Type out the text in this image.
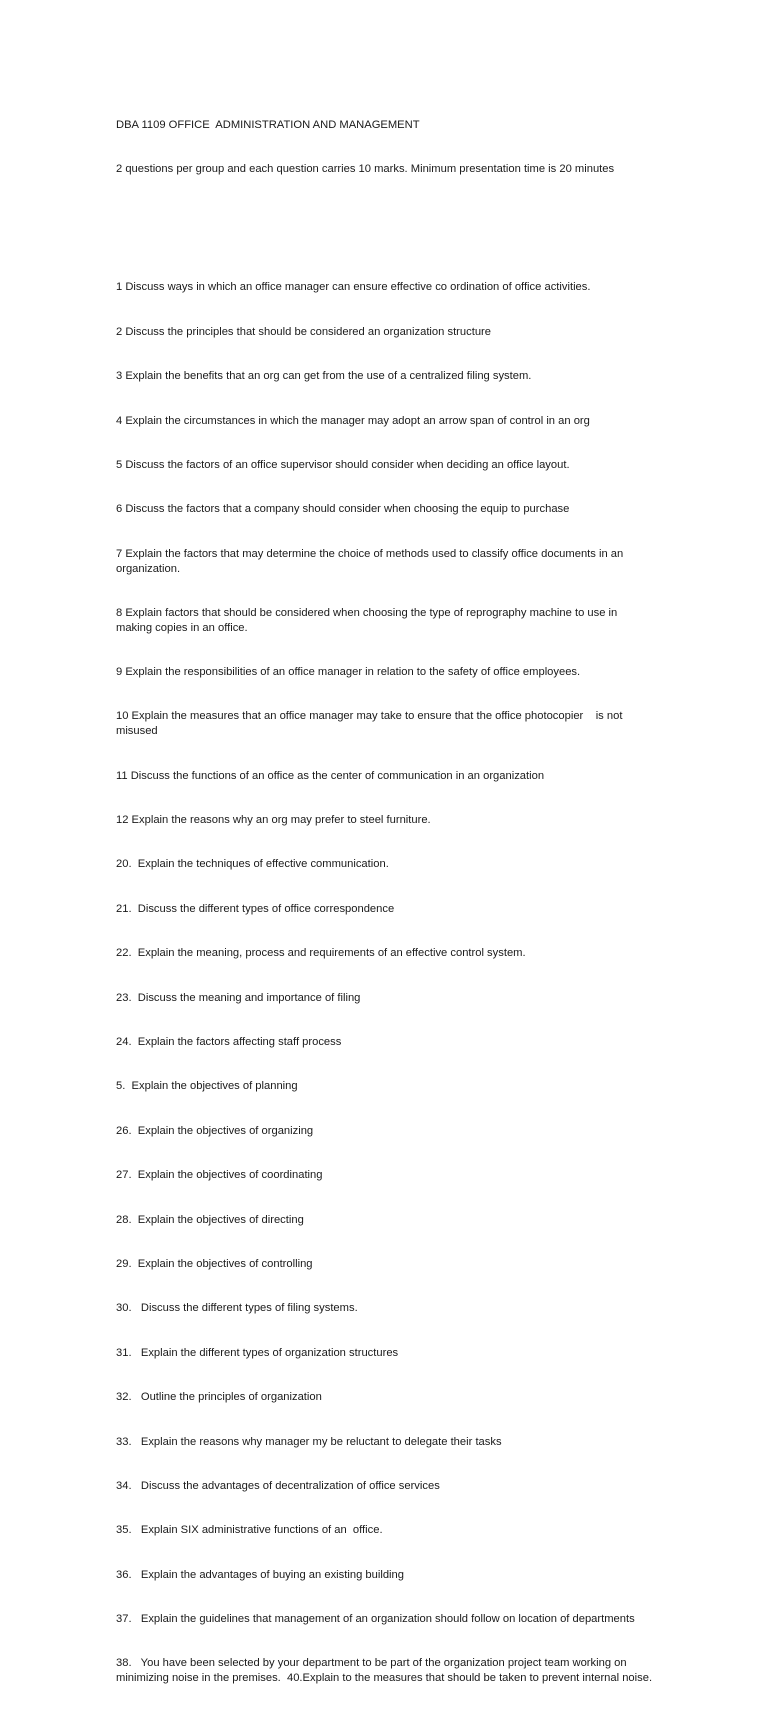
DBA 1109 OFFICE  ADMINISTRATION AND MANAGEMENT

2 questions per group and each question carries 10 marks. Minimum presentation time is 20 minutes

1 Discuss ways in which an office manager can ensure effective co ordination of office activities.

2 Discuss the principles that should be considered an organization structure

3 Explain the benefits that an org can get from the use of a centralized filing system.

4 Explain the circumstances in which the manager may adopt an arrow span of control in an org

5 Discuss the factors of an office supervisor should consider when deciding an office layout.

6 Discuss the factors that a company should consider when choosing the equip to purchase

7 Explain the factors that may determine the choice of methods used to classify office documents in an organization.

8 Explain factors that should be considered when choosing the type of reprography machine to use in making copies in an office.

9 Explain the responsibilities of an office manager in relation to the safety of office employees.

10 Explain the measures that an office manager may take to ensure that the office photocopier    is not misused

11 Discuss the functions of an office as the center of communication in an organization

12 Explain the reasons why an org may prefer to steel furniture.

20.  Explain the techniques of effective communication.

21.  Discuss the different types of office correspondence

22.  Explain the meaning, process and requirements of an effective control system.

23.  Discuss the meaning and importance of filing

24.  Explain the factors affecting staff process

5.  Explain the objectives of planning

26.  Explain the objectives of organizing

27.  Explain the objectives of coordinating

28.  Explain the objectives of directing

29.  Explain the objectives of controlling

30.   Discuss the different types of filing systems.

31.   Explain the different types of organization structures

32.   Outline the principles of organization

33.   Explain the reasons why manager my be reluctant to delegate their tasks

34.   Discuss the advantages of decentralization of office services

35.   Explain SIX administrative functions of an  office.

36.   Explain the advantages of buying an existing building

37.   Explain the guidelines that management of an organization should follow on location of departments

38.   You have been selected by your department to be part of the organization project team working on minimizing noise in the premises.  40.Explain to the measures that should be taken to prevent internal noise.
